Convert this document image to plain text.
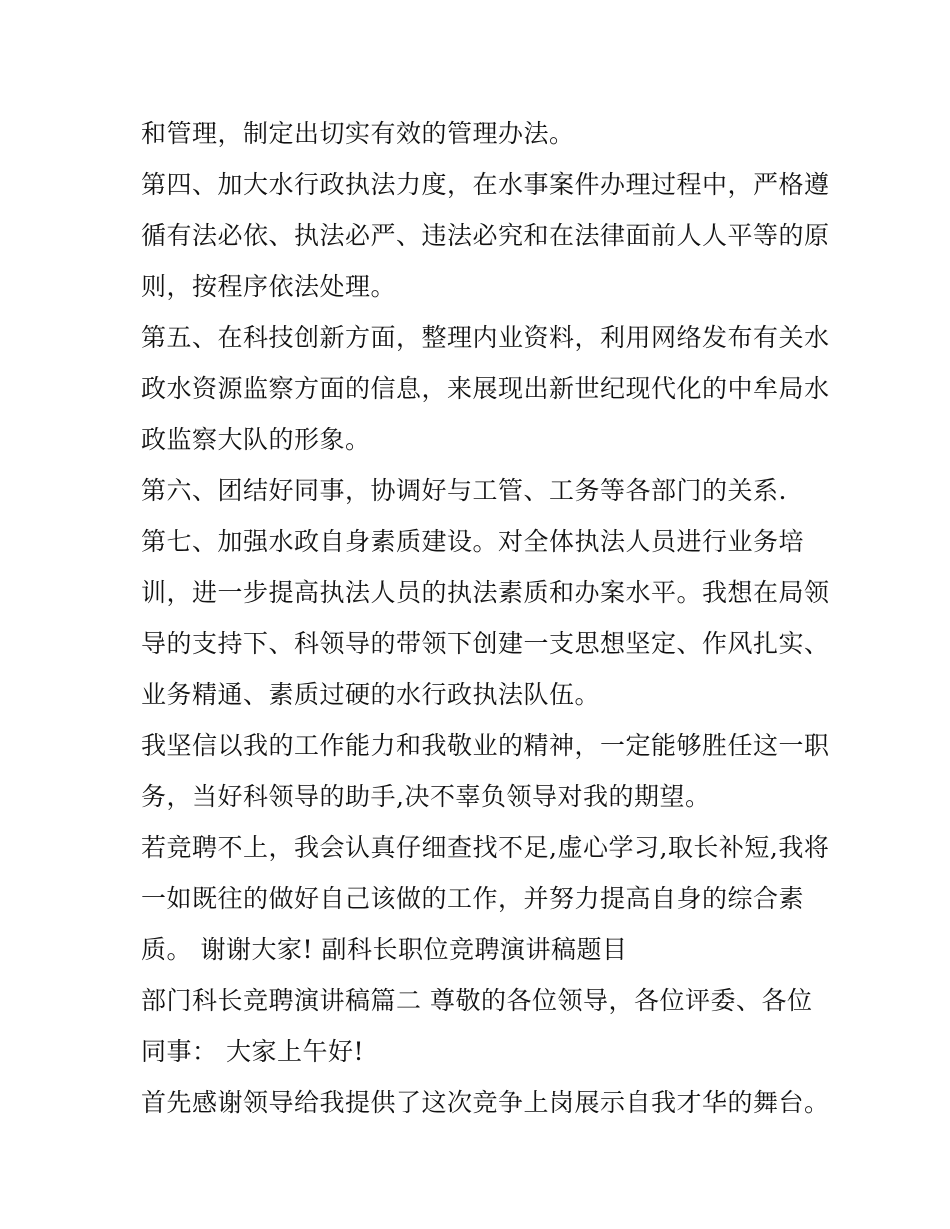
和管理，制定出切实有效的管理办法。
第四、加大水行政执法力度，在水事案件办理过程中，严格遵
循有法必依、执法必严、违法必究和在法律面前人人平等的原
则，按程序依法处理。
第五、在科技创新方面，整理内业资料，利用网络发布有关水
政水资源监察方面的信息，来展现出新世纪现代化的中牟局水
政监察大队的形象。
第六、团结好同事，协调好与工管、工务等各部门的关系.
第七、加强水政自身素质建设。对全体执法人员进行业务培
训，进一步提高执法人员的执法素质和办案水平。我想在局领
导的支持下、科领导的带领下创建一支思想坚定、作风扎实、
业务精通、素质过硬的水行政执法队伍。
我坚信以我的工作能力和我敬业的精神，一定能够胜任这一职
务，当好科领导的助手,决不辜负领导对我的期望。
若竞聘不上，我会认真仔细查找不足,虚心学习,取长补短,我将
一如既往的做好自己该做的工作，并努力提高自身的综合素
质。 谢谢大家! 副科长职位竞聘演讲稿题目
部门科长竞聘演讲稿篇二 尊敬的各位领导，各位评委、各位
同事： 大家上午好!
首先感谢领导给我提供了这次竞争上岗展示自我才华的舞台。
